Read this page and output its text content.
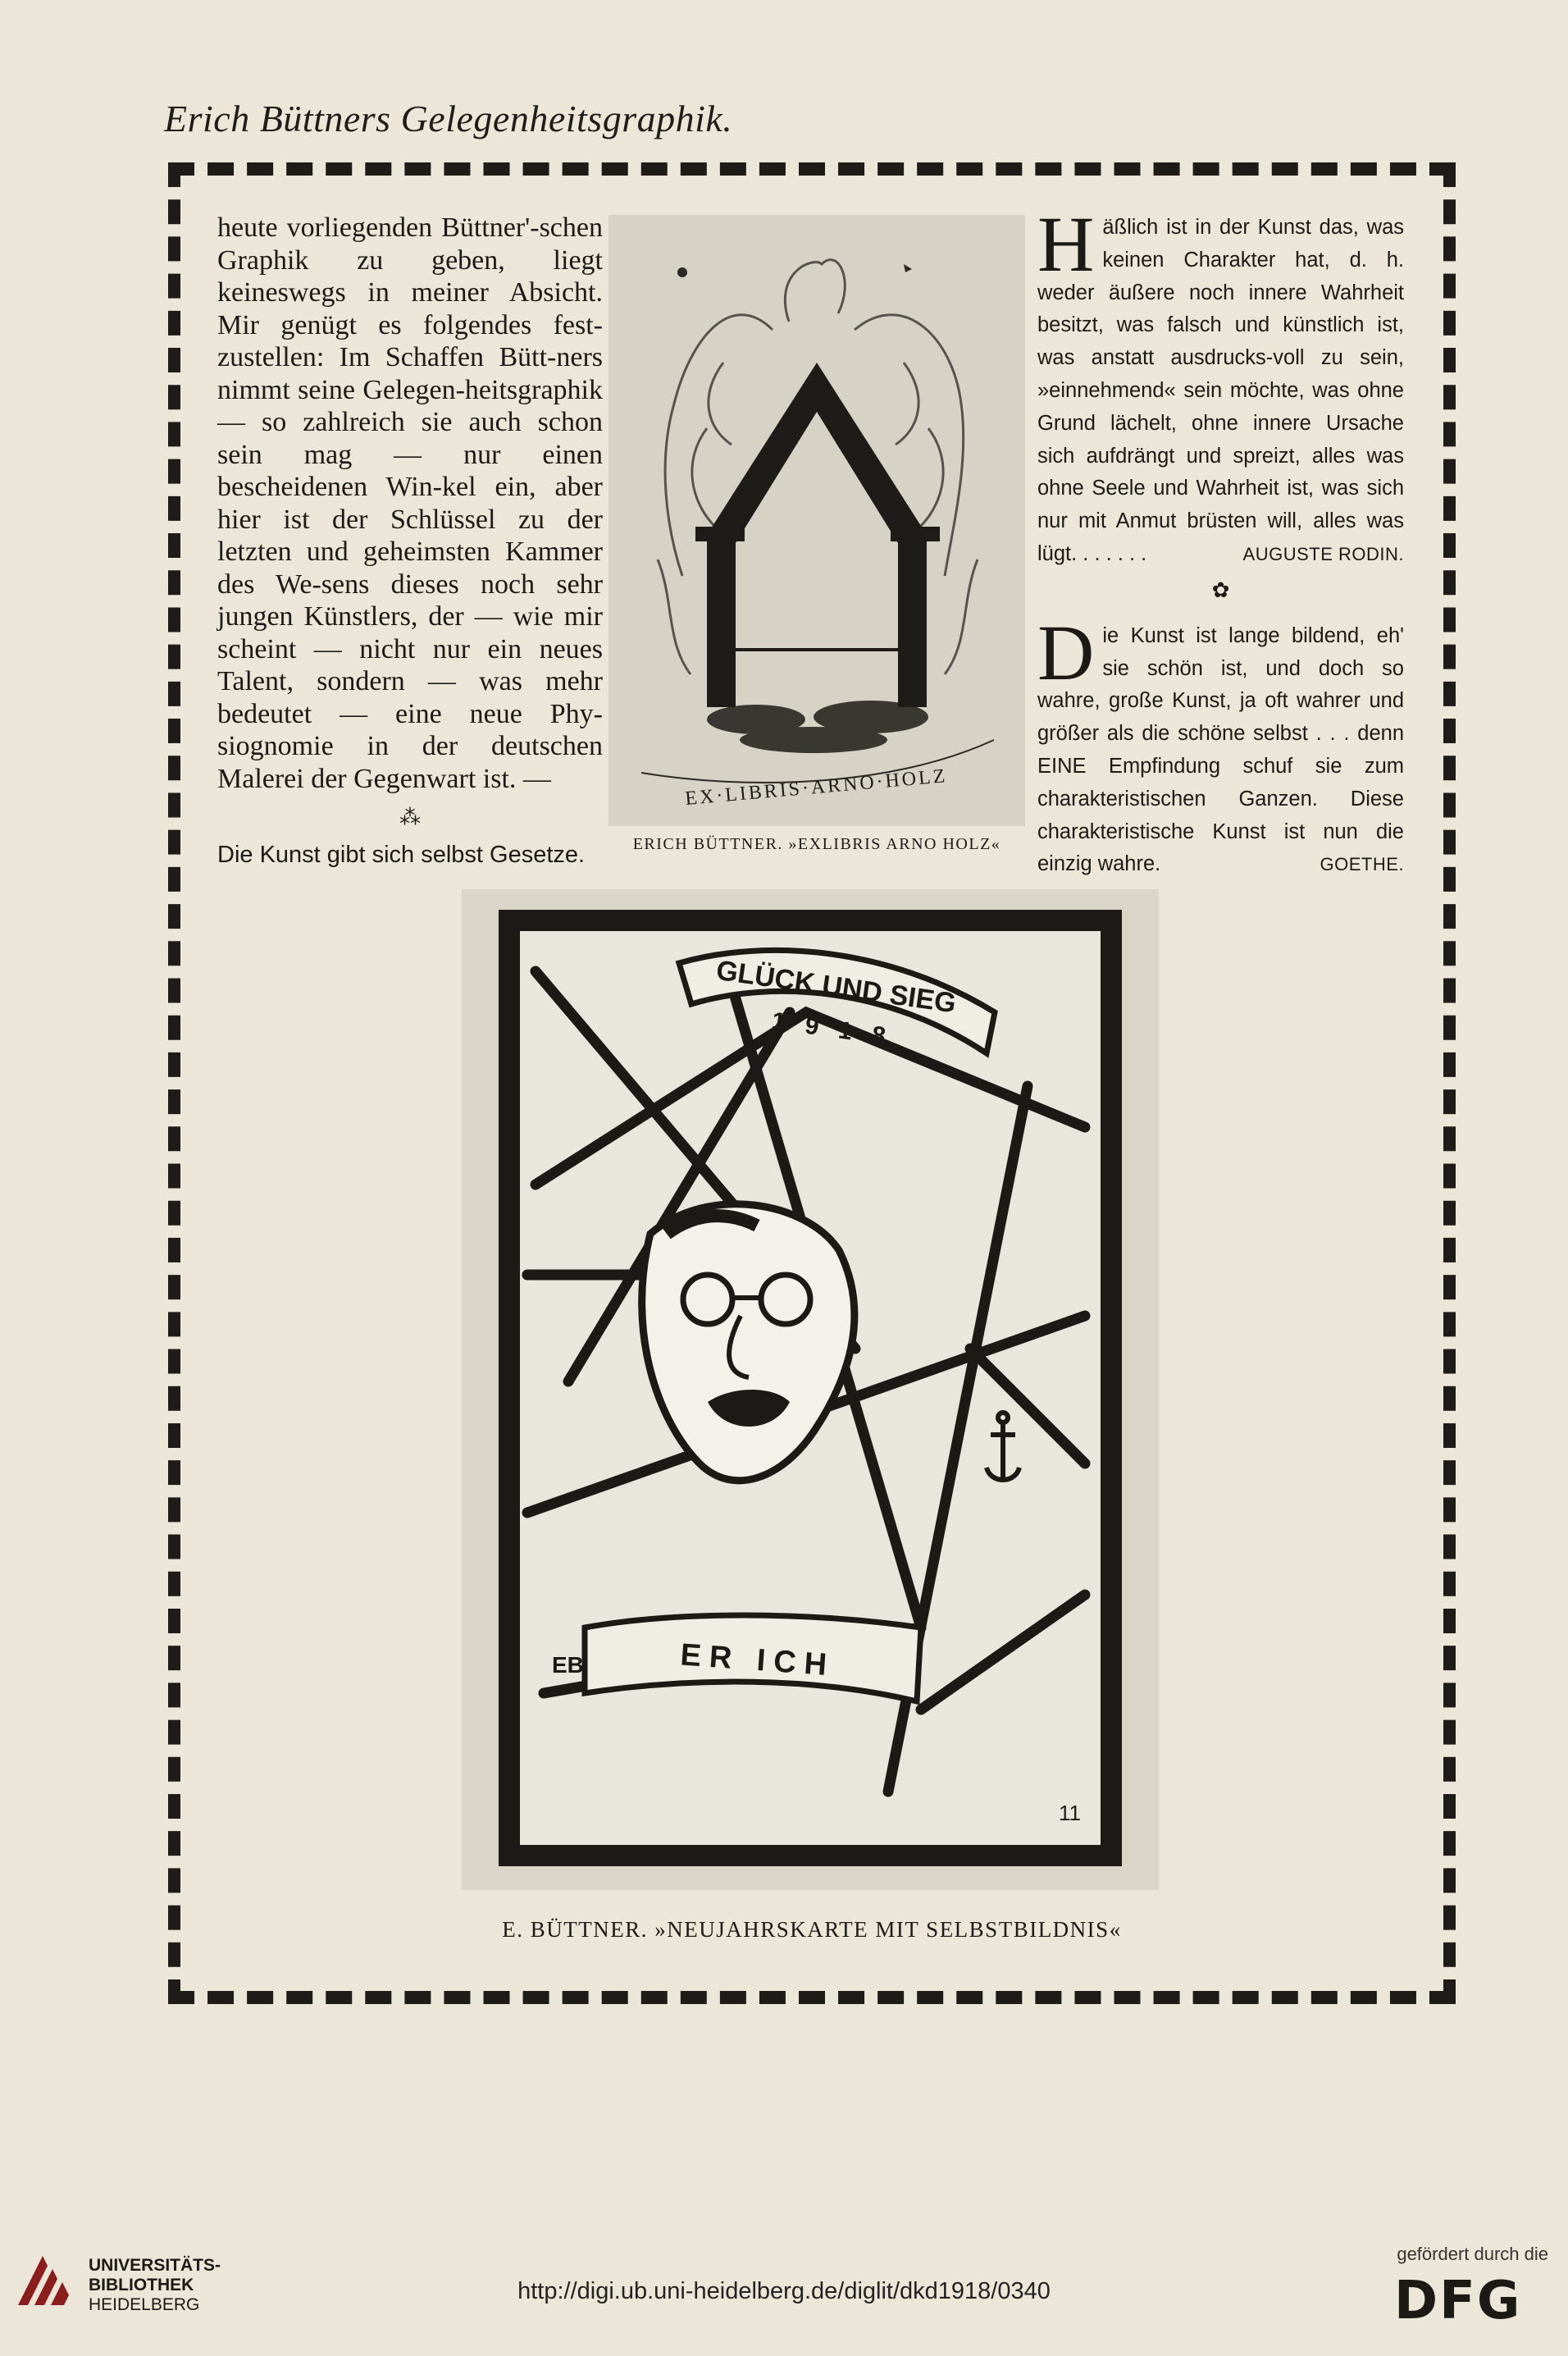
Erich Büttners Gelegenheitsgraphik.

heute vorliegenden Büttner'-schen Graphik zu geben, liegt keineswegs in meiner Absicht. Mir genügt es folgendes fest-zustellen: Im Schaffen Bütt-ners nimmt seine Gelegen-heitsgraphik — so zahlreich sie auch schon sein mag — nur einen bescheidenen Win-kel ein, aber hier ist der Schlüssel zu der letzten und geheimsten Kammer des We-sens dieses noch sehr jungen Künstlers, der — wie mir scheint — nicht nur ein neues Talent, sondern — was mehr bedeutet — eine neue Phy-siognomie in der deutschen Malerei der Gegenwart ist. —

⁂

Die Kunst gibt sich selbst Gesetze.

EX·LIBRIS·ARNO·HOLZ
ERICH BÜTTNER. »EXLIBRIS ARNO HOLZ«

Häßlich ist in der Kunst das, was keinen Charakter hat, d. h. weder äußere noch innere Wahrheit besitzt, was falsch und künstlich ist, was anstatt ausdrucks-voll zu sein, »einnehmend« sein möchte, was ohne Grund lächelt, ohne innere Ursache sich aufdrängt und spreizt, alles was ohne Seele und Wahrheit ist, was sich nur mit Anmut brüsten will, alles was lügt. . . . . . .	AUGUSTE RODIN.

✿

Die Kunst ist lange bildend, eh' sie schön ist, und doch so wahre, große Kunst, ja oft wahrer und größer als die schöne selbst . . . denn EINE Empfindung schuf sie zum charakteristischen Ganzen. Diese charakteristische Kunst ist nun die einzig wahre.	GOETHE.

GLÜCK UND SIEG
1 9 1 8
ER ICH
EB
11
E. BÜTTNER. »NEUJAHRSKARTE MIT SELBSTBILDNIS«
UNIVERSITÄTS-
BIBLIOTHEK
HEIDELBERG
http://digi.ub.uni-heidelberg.de/diglit/dkd1918/0340
gefördert durch die
DFG
